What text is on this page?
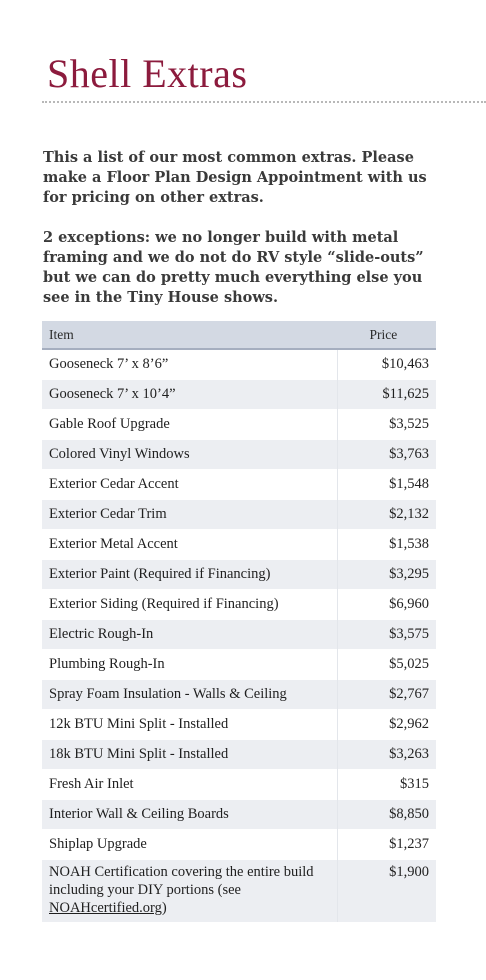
Shell Extras

This a list of our most common extras. Please make a Floor Plan Design Appointment with us for pricing on other extras.

2 exceptions: we no longer build with metal framing and we do not do RV style “slide-outs” but we can do pretty much everything else you see in the Tiny House shows.

Item	Price
Gooseneck 7’ x 8’6”	$10,463
Gooseneck 7’ x 10’4”	$11,625
Gable Roof Upgrade	$3,525
Colored Vinyl Windows	$3,763
Exterior Cedar Accent	$1,548
Exterior Cedar Trim	$2,132
Exterior Metal Accent	$1,538
Exterior Paint (Required if Financing)	$3,295
Exterior Siding (Required if Financing)	$6,960
Electric Rough-In	$3,575
Plumbing Rough-In	$5,025
Spray Foam Insulation - Walls & Ceiling	$2,767
12k BTU Mini Split - Installed	$2,962
18k BTU Mini Split - Installed	$3,263
Fresh Air Inlet	$315
Interior Wall & Ceiling Boards	$8,850
Shiplap Upgrade	$1,237
NOAH Certification covering the entire build including your DIY portions (see NOAHcertified.org)	$1,900
